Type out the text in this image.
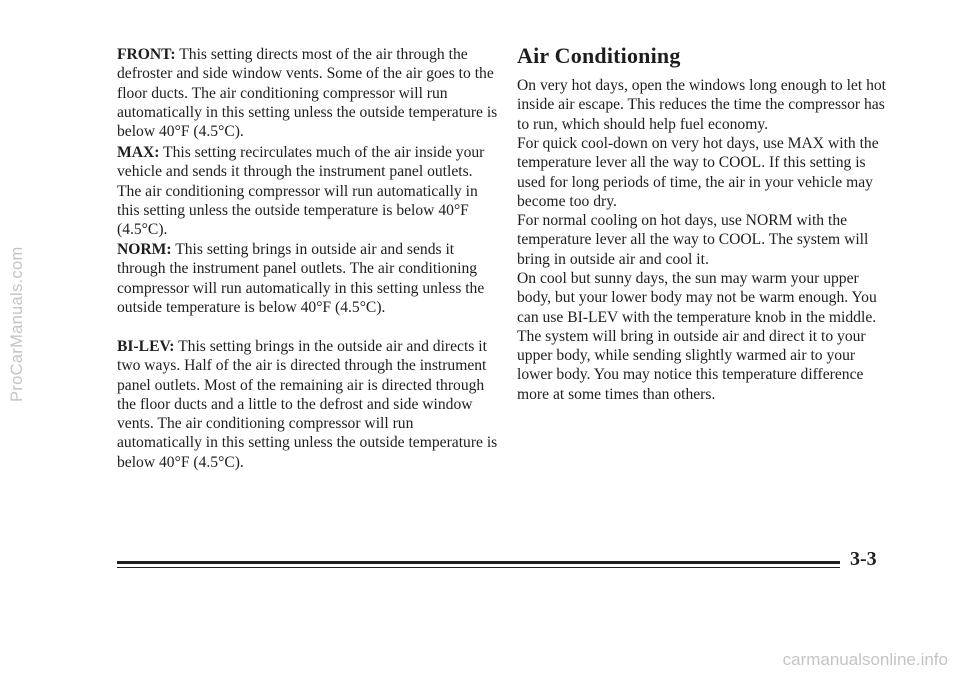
FRONT: This setting directs most of the air through the defroster and side window vents. Some of the air goes to the floor ducts. The air conditioning compressor will run automatically in this setting unless the outside temperature is below 40°F (4.5°C).

MAX: This setting recirculates much of the air inside your vehicle and sends it through the instrument panel outlets. The air conditioning compressor will run automatically in this setting unless the outside temperature is below 40°F (4.5°C).

NORM: This setting brings in outside air and sends it through the instrument panel outlets. The air conditioning compressor will run automatically in this setting unless the outside temperature is below 40°F (4.5°C).

BI-LEV: This setting brings in the outside air and directs it two ways. Half of the air is directed through the instrument panel outlets. Most of the remaining air is directed through the floor ducts and a little to the defrost and side window vents. The air conditioning compressor will run automatically in this setting unless the outside temperature is below 40°F (4.5°C).

Air Conditioning

On very hot days, open the windows long enough to let hot inside air escape. This reduces the time the compressor has to run, which should help fuel economy.

For quick cool-down on very hot days, use MAX with the temperature lever all the way to COOL. If this setting is used for long periods of time, the air in your vehicle may become too dry.

For normal cooling on hot days, use NORM with the temperature lever all the way to COOL. The system will bring in outside air and cool it.

On cool but sunny days, the sun may warm your upper body, but your lower body may not be warm enough. You can use BI-LEV with the temperature knob in the middle. The system will bring in outside air and direct it to your upper body, while sending slightly warmed air to your lower body. You may notice this temperature difference more at some times than others.

3-3

ProCarManuals.com
carmanualsonline.info
